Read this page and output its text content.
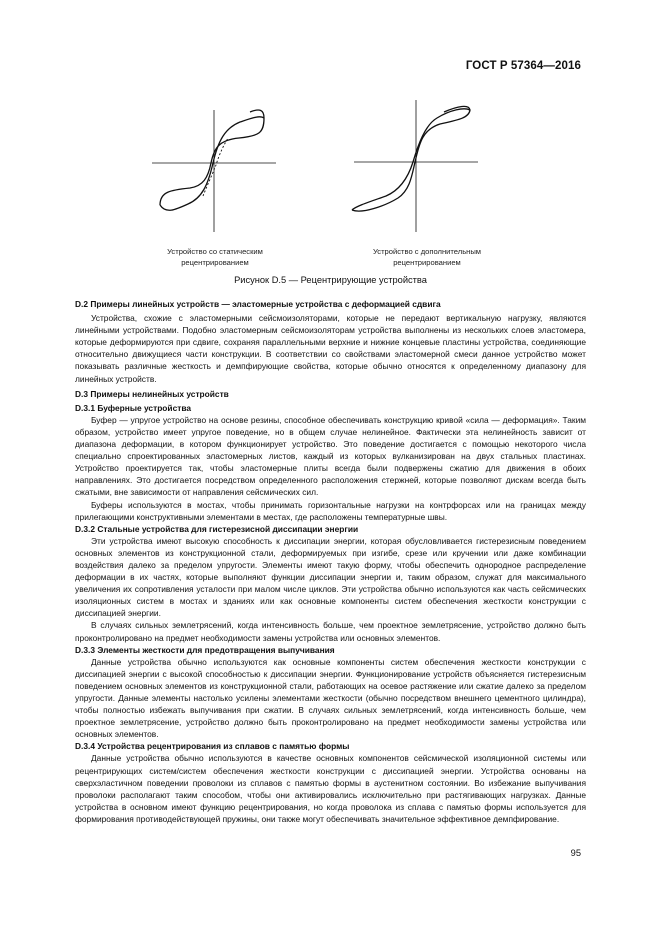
ГОСТ Р 57364—2016
Устройство со статическим
рецентрированием
Устройство с дополнительным
рецентрированием
Рисунок D.5 — Рецентрирующие устройства

D.2 Примеры линейных устройств — эластомерные устройства с деформацией сдвига

Устройства, схожие с эластомерными сейсмоизоляторами, которые не передают вертикальную нагрузку, являются линейными устройствами. Подобно эластомерным сейсмоизоляторам устройства выполнены из нескольких слоев эластомера, которые деформируются при сдвиге, сохраняя параллельными верхние и нижние концевые пластины устройства, соединяющие относительно движущиеся части конструкции. В соответствии со свойствами эластомерной смеси данное устройство может показывать различные жесткость и демпфирующие свойства, которые обычно относятся к определенному диапазону для линейных устройств.

D.3 Примеры нелинейных устройств

D.3.1 Буферные устройства

Буфер — упругое устройство на основе резины, способное обеспечивать конструкцию кривой «сила — деформация». Таким образом, устройство имеет упругое поведение, но в общем случае нелинейное. Фактически эта нелинейность зависит от диапазона деформации, в котором функционирует устройство. Это поведение достигается с помощью некоторого числа специально спроектированных эластомерных листов, каждый из которых вулканизирован на двух стальных пластинах. Устройство проектируется так, чтобы эластомерные плиты всегда были подвержены сжатию для движения в обоих направлениях. Это достигается посредством определенного расположения стержней, которые позволяют дискам всегда быть сжатыми, вне зависимости от направления сейсмических сил.

Буферы используются в мостах, чтобы принимать горизонтальные нагрузки на контрфорсах или на границах между прилегающими конструктивными элементами в местах, где расположены температурные швы.

D.3.2 Стальные устройства для гистерезисной диссипации энергии

Эти устройства имеют высокую способность к диссипации энергии, которая обусловливается гистерезисным поведением основных элементов из конструкционной стали, деформируемых при изгибе, срезе или кручении или даже комбинации воздействия далеко за пределом упругости. Элементы имеют такую форму, чтобы обеспечить однородное распределение деформации в их частях, которые выполняют функции диссипации энергии и, таким образом, служат для максимального увеличения их сопротивления усталости при малом числе циклов. Эти устройства обычно используются как часть сейсмических изоляционных систем в мостах и зданиях или как основные компоненты систем обеспечения жесткости конструкции с диссипацией энергии.

В случаях сильных землетрясений, когда интенсивность больше, чем проектное землетрясение, устройство должно быть проконтролировано на предмет необходимости замены устройства или основных элементов.

D.3.3 Элементы жесткости для предотвращения выпучивания

Данные устройства обычно используются как основные компоненты систем обеспечения жесткости конструкции с диссипацией энергии с высокой способностью к диссипации энергии. Функционирование устройств объясняется гистерезисным поведением основных элементов из конструкционной стали, работающих на осевое растяжение или сжатие далеко за пределом упругости. Данные элементы настолько усилены элементами жесткости (обычно посредством внешнего цементного цилиндра), чтобы полностью избежать выпучивания при сжатии. В случаях сильных землетрясений, когда интенсивность больше, чем проектное землетрясение, устройство должно быть проконтролировано на предмет необходимости замены устройства или основных элементов.

D.3.4 Устройства рецентрирования из сплавов с памятью формы

Данные устройства обычно используются в качестве основных компонентов сейсмической изоляционной системы или рецентрирующих систем/систем обеспечения жесткости конструкции с диссипацией энергии. Устройства основаны на сверхэластичном поведении проволоки из сплавов с памятью формы в аустенитном состоянии. Во избежание выпучивания проволоки располагают таким способом, чтобы они активировались исключительно при растягивающих нагрузках. Данные устройства в основном имеют функцию рецентрирования, но когда проволока из сплава с памятью формы используется для формирования противодействующей пружины, они также могут обеспечивать значительное эффективное демпфирование.

95
